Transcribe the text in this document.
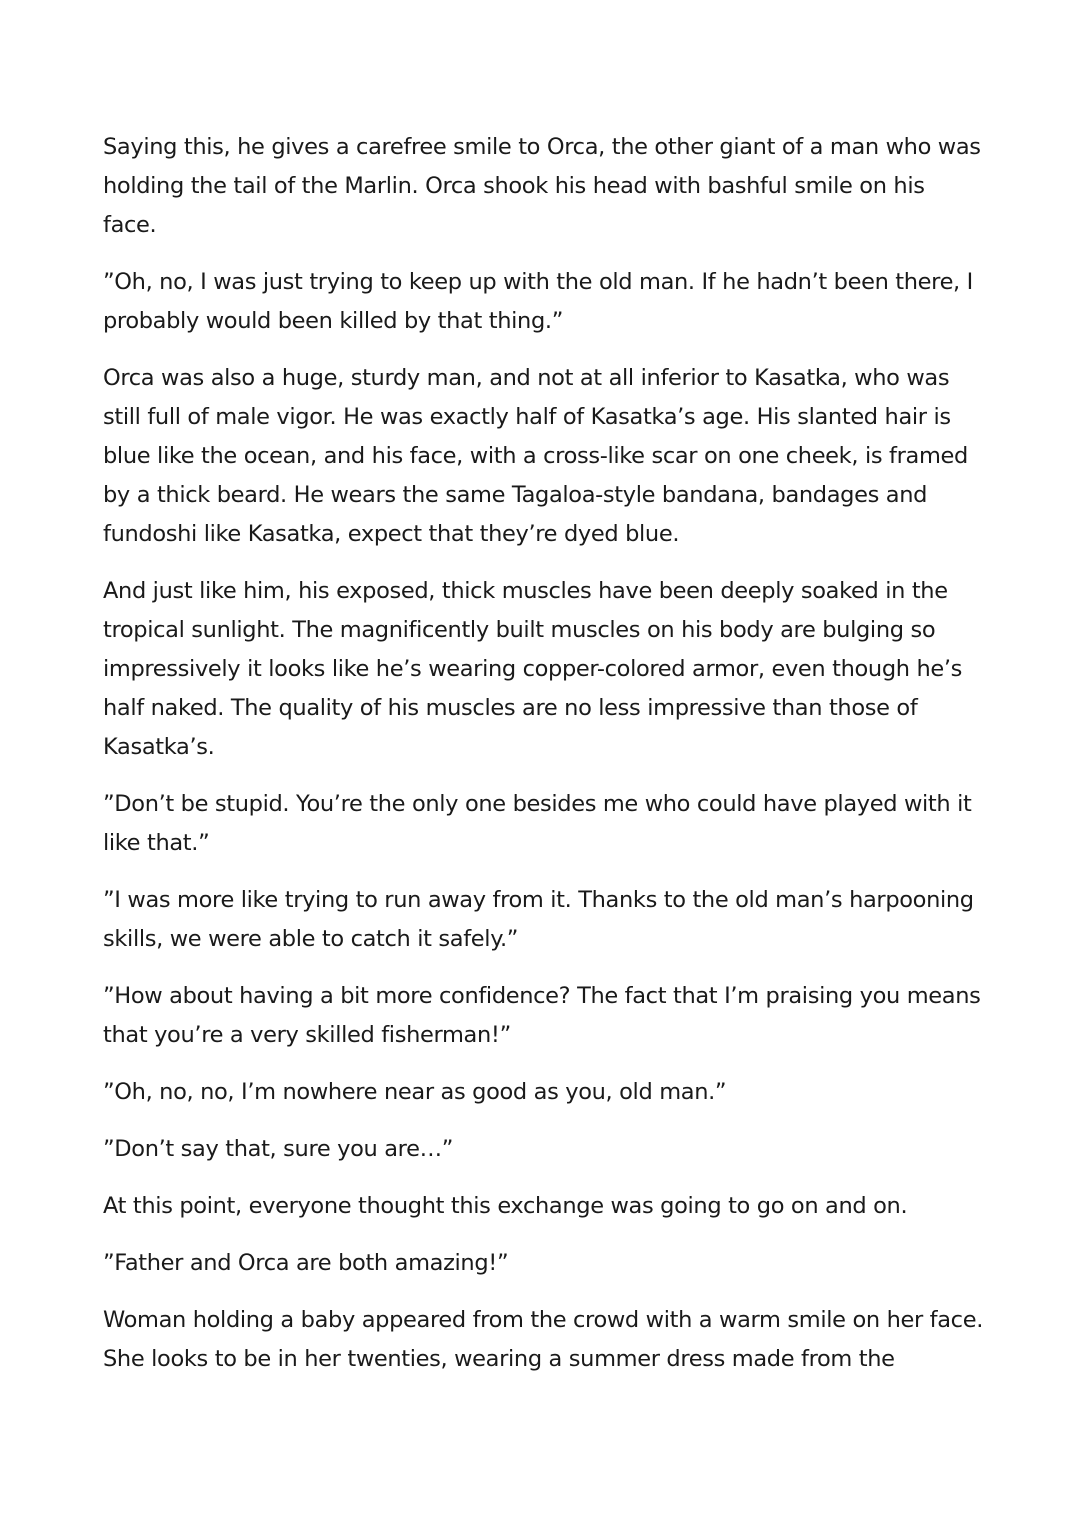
Saying this, he gives a carefree smile to Orca, the other giant of a man who was holding the tail of the Marlin. Orca shook his head with bashful smile on his face.

”Oh, no, I was just trying to keep up with the old man. If he hadn’t been there, I probably would been killed by that thing.”

Orca was also a huge, sturdy man, and not at all inferior to Kasatka, who was still full of male vigor. He was exactly half of Kasatka’s age. His slanted hair is blue like the ocean, and his face, with a cross-like scar on one cheek, is framed by a thick beard. He wears the same Tagaloa-style bandana, bandages and fundoshi like Kasatka, expect that they’re dyed blue.

And just like him, his exposed, thick muscles have been deeply soaked in the tropical sunlight. The magnificently built muscles on his body are bulging so impressively it looks like he’s wearing copper-colored armor, even though he’s half naked. The quality of his muscles are no less impressive than those of Kasatka’s.

”Don’t be stupid. You’re the only one besides me who could have played with it like that.”

”I was more like trying to run away from it. Thanks to the old man’s harpooning skills, we were able to catch it safely.”

”How about having a bit more confidence? The fact that I’m praising you means that you’re a very skilled fisherman!”

”Oh, no, no, I’m nowhere near as good as you, old man.”

”Don’t say that, sure you are…”

At this point, everyone thought this exchange was going to go on and on.

”Father and Orca are both amazing!”

Woman holding a baby appeared from the crowd with a warm smile on her face. She looks to be in her twenties, wearing a summer dress made from the
